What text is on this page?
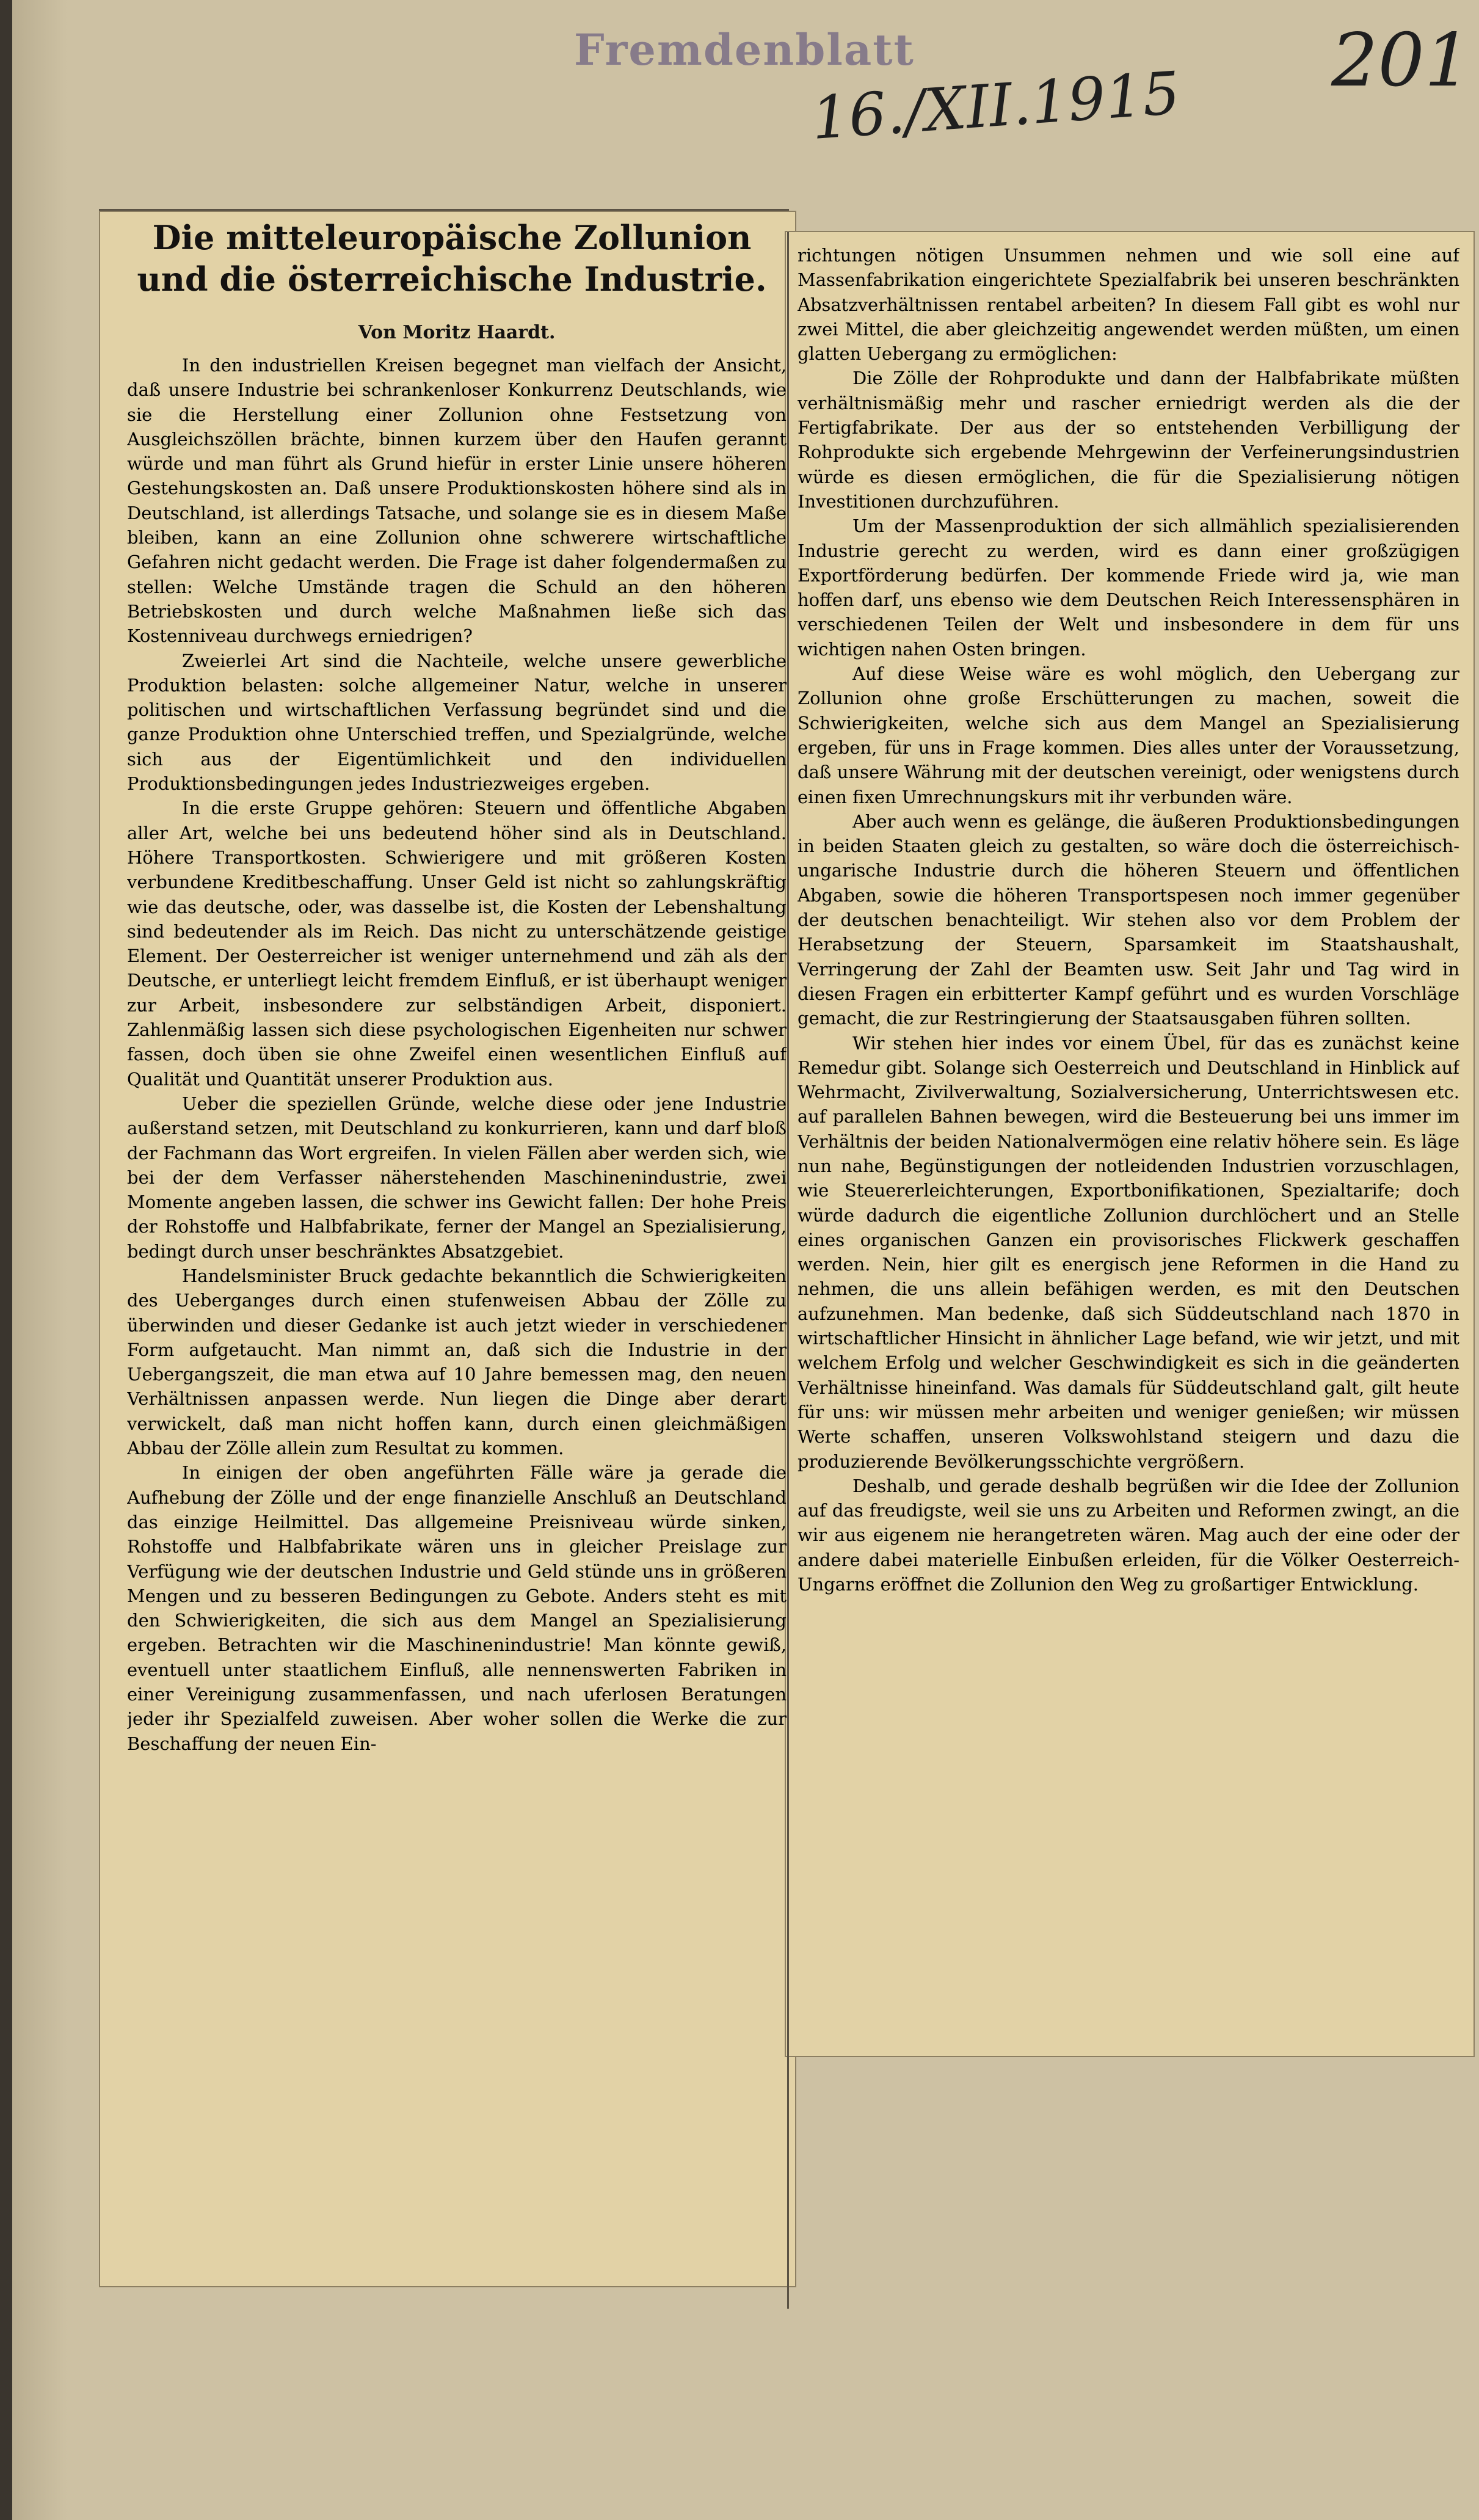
Fremdenblatt
16./XII.1915 201
Die mitteleuropäische Zollunion und die österreichische Industrie.
Von Moritz Haardt.

In den industriellen Kreisen begegnet man vielfach der Ansicht, daß unsere Industrie bei schrankenloser Konkurrenz Deutschlands, wie sie die Herstellung einer Zollunion ohne Festsetzung von Ausgleichszöllen brächte, binnen kurzem über den Haufen gerannt würde und man führt als Grund hiefür in erster Linie unsere höheren Gestehungskosten an. Daß unsere Produktionskosten höhere sind als in Deutschland, ist allerdings Tatsache, und solange sie es in diesem Maße bleiben, kann an eine Zollunion ohne schwerere wirtschaftliche Gefahren nicht gedacht werden. Die Frage ist daher folgendermaßen zu stellen: Welche Umstände tragen die Schuld an den höheren Betriebskosten und durch welche Maßnahmen ließe sich das Kostenniveau durchwegs erniedrigen?

Zweierlei Art sind die Nachteile, welche unsere gewerbliche Produktion belasten: solche allgemeiner Natur, welche in unserer politischen und wirtschaftlichen Verfassung begründet sind und die ganze Produktion ohne Unterschied treffen, und Spezialgründe, welche sich aus der Eigentümlichkeit und den individuellen Produktionsbedingungen jedes Industriezweiges ergeben.

In die erste Gruppe gehören: Steuern und öffentliche Abgaben aller Art, welche bei uns bedeutend höher sind als in Deutschland. Höhere Transportkosten. Schwierigere und mit größeren Kosten verbundene Kreditbeschaffung. Unser Geld ist nicht so zahlungskräftig wie das deutsche, oder, was dasselbe ist, die Kosten der Lebenshaltung sind bedeutender als im Reich. Das nicht zu unterschätzende geistige Element. Der Oesterreicher ist weniger unternehmend und zäh als der Deutsche, er unterliegt leicht fremdem Einfluß, er ist überhaupt weniger zur Arbeit, insbesondere zur selbständigen Arbeit, disponiert. Zahlenmäßig lassen sich diese psychologischen Eigenheiten nur schwer fassen, doch üben sie ohne Zweifel einen wesentlichen Einfluß auf Qualität und Quantität unserer Produktion aus.

Ueber die speziellen Gründe, welche diese oder jene Industrie außerstand setzen, mit Deutschland zu konkurrieren, kann und darf bloß der Fachmann das Wort ergreifen. In vielen Fällen aber werden sich, wie bei der dem Verfasser näherstehenden Maschinenindustrie, zwei Momente angeben lassen, die schwer ins Gewicht fallen: Der hohe Preis der Rohstoffe und Halbfabrikate, ferner der Mangel an Spezialisierung, bedingt durch unser beschränktes Absatzgebiet.

Handelsminister Bruck gedachte bekanntlich die Schwierigkeiten des Ueberganges durch einen stufenweisen Abbau der Zölle zu überwinden und dieser Gedanke ist auch jetzt wieder in verschiedener Form aufgetaucht. Man nimmt an, daß sich die Industrie in der Uebergangszeit, die man etwa auf 10 Jahre bemessen mag, den neuen Verhältnissen anpassen werde. Nun liegen die Dinge aber derart verwickelt, daß man nicht hoffen kann, durch einen gleichmäßigen Abbau der Zölle allein zum Resultat zu kommen.

In einigen der oben angeführten Fälle wäre ja gerade die Aufhebung der Zölle und der enge finanzielle Anschluß an Deutschland das einzige Heilmittel. Das allgemeine Preisniveau würde sinken, Rohstoffe und Halbfabrikate wären uns in gleicher Preislage zur Verfügung wie der deutschen Industrie und Geld stünde uns in größeren Mengen und zu besseren Bedingungen zu Gebote. Anders steht es mit den Schwierigkeiten, die sich aus dem Mangel an Spezialisierung ergeben. Betrachten wir die Maschinenindustrie! Man könnte gewiß, eventuell unter staatlichem Einfluß, alle nennenswerten Fabriken in einer Vereinigung zusammenfassen, und nach uferlosen Beratungen jeder ihr Spezialfeld zuweisen. Aber woher sollen die Werke die zur Beschaffung der neuen Ein-

richtungen nötigen Unsummen nehmen und wie soll eine auf Massenfabrikation eingerichtete Spezialfabrik bei unseren beschränkten Absatzverhältnissen rentabel arbeiten? In diesem Fall gibt es wohl nur zwei Mittel, die aber gleichzeitig angewendet werden müßten, um einen glatten Uebergang zu ermöglichen:

Die Zölle der Rohprodukte und dann der Halbfabrikate müßten verhältnismäßig mehr und rascher erniedrigt werden als die der Fertigfabrikate. Der aus der so entstehenden Verbilligung der Rohprodukte sich ergebende Mehrgewinn der Verfeinerungsindustrien würde es diesen ermöglichen, die für die Spezialisierung nötigen Investitionen durchzuführen.

Um der Massenproduktion der sich allmählich spezialisierenden Industrie gerecht zu werden, wird es dann einer großzügigen Exportförderung bedürfen. Der kommende Friede wird ja, wie man hoffen darf, uns ebenso wie dem Deutschen Reich Interessensphären in verschiedenen Teilen der Welt und insbesondere in dem für uns wichtigen nahen Osten bringen.

Auf diese Weise wäre es wohl möglich, den Uebergang zur Zollunion ohne große Erschütterungen zu machen, soweit die Schwierigkeiten, welche sich aus dem Mangel an Spezialisierung ergeben, für uns in Frage kommen. Dies alles unter der Voraussetzung, daß unsere Währung mit der deutschen vereinigt, oder wenigstens durch einen fixen Umrechnungskurs mit ihr verbunden wäre.

Aber auch wenn es gelänge, die äußeren Produktionsbedingungen in beiden Staaten gleich zu gestalten, so wäre doch die österreichisch-ungarische Industrie durch die höheren Steuern und öffentlichen Abgaben, sowie die höheren Transportspesen noch immer gegenüber der deutschen benachteiligt. Wir stehen also vor dem Problem der Herabsetzung der Steuern, Sparsamkeit im Staatshaushalt, Verringerung der Zahl der Beamten usw. Seit Jahr und Tag wird in diesen Fragen ein erbitterter Kampf geführt und es wurden Vorschläge gemacht, die zur Restringierung der Staatsausgaben führen sollten.

Wir stehen hier indes vor einem Übel, für das es zunächst keine Remedur gibt. Solange sich Oesterreich und Deutschland in Hinblick auf Wehrmacht, Zivilverwaltung, Sozialversicherung, Unterrichtswesen etc. auf parallelen Bahnen bewegen, wird die Besteuerung bei uns immer im Verhältnis der beiden Nationalvermögen eine relativ höhere sein. Es läge nun nahe, Begünstigungen der notleidenden Industrien vorzuschlagen, wie Steuererleichterungen, Exportbonifikationen, Spezialtarife; doch würde dadurch die eigentliche Zollunion durchlöchert und an Stelle eines organischen Ganzen ein provisorisches Flickwerk geschaffen werden. Nein, hier gilt es energisch jene Reformen in die Hand zu nehmen, die uns allein befähigen werden, es mit den Deutschen aufzunehmen. Man bedenke, daß sich Süddeutschland nach 1870 in wirtschaftlicher Hinsicht in ähnlicher Lage befand, wie wir jetzt, und mit welchem Erfolg und welcher Geschwindigkeit es sich in die geänderten Verhältnisse hineinfand. Was damals für Süddeutschland galt, gilt heute für uns: wir müssen mehr arbeiten und weniger genießen; wir müssen Werte schaffen, unseren Volkswohlstand steigern und dazu die produzierende Bevölkerungsschichte vergrößern.

Deshalb, und gerade deshalb begrüßen wir die Idee der Zollunion auf das freudigste, weil sie uns zu Arbeiten und Reformen zwingt, an die wir aus eigenem nie herangetreten wären. Mag auch der eine oder der andere dabei materielle Einbußen erleiden, für die Völker Oesterreich-Ungarns eröffnet die Zollunion den Weg zu großartiger Entwicklung.
